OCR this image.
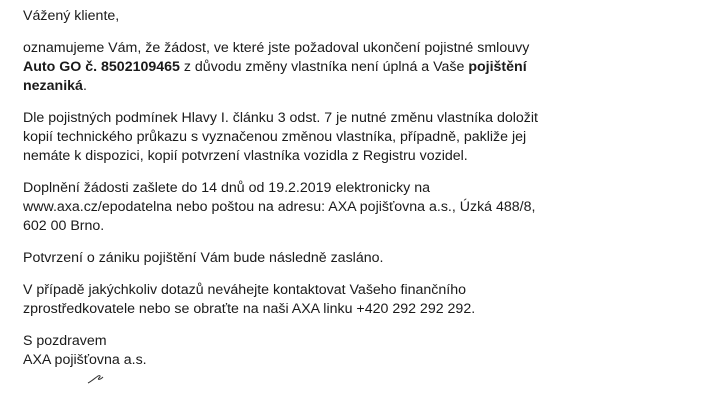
Vážený kliente,

oznamujeme Vám, že žádost, ve které jste požadoval ukončení pojistné smlouvy
Auto GO č. 8502109465 z důvodu změny vlastníka není úplná a Vaše pojištění
nezaniká.

Dle pojistných podmínek Hlavy I. článku 3 odst. 7 je nutné změnu vlastníka doložit
kopií technického průkazu s vyznačenou změnou vlastníka, případně, pakliže jej
nemáte k dispozici, kopií potvrzení vlastníka vozidla z Registru vozidel.

Doplnění žádosti zašlete do 14 dnů od 19.2.2019 elektronicky na
www.axa.cz/epodatelna nebo poštou na adresu: AXA pojišťovna a.s., Úzká 488/8,
602 00 Brno.

Potvrzení o zániku pojištění Vám bude následně zasláno.

V případě jakýchkoliv dotazů neváhejte kontaktovat Vašeho finančního
zprostředkovatele nebo se obraťte na naši AXA linku +420 292 292 292.

S pozdravem
AXA pojišťovna a.s.
